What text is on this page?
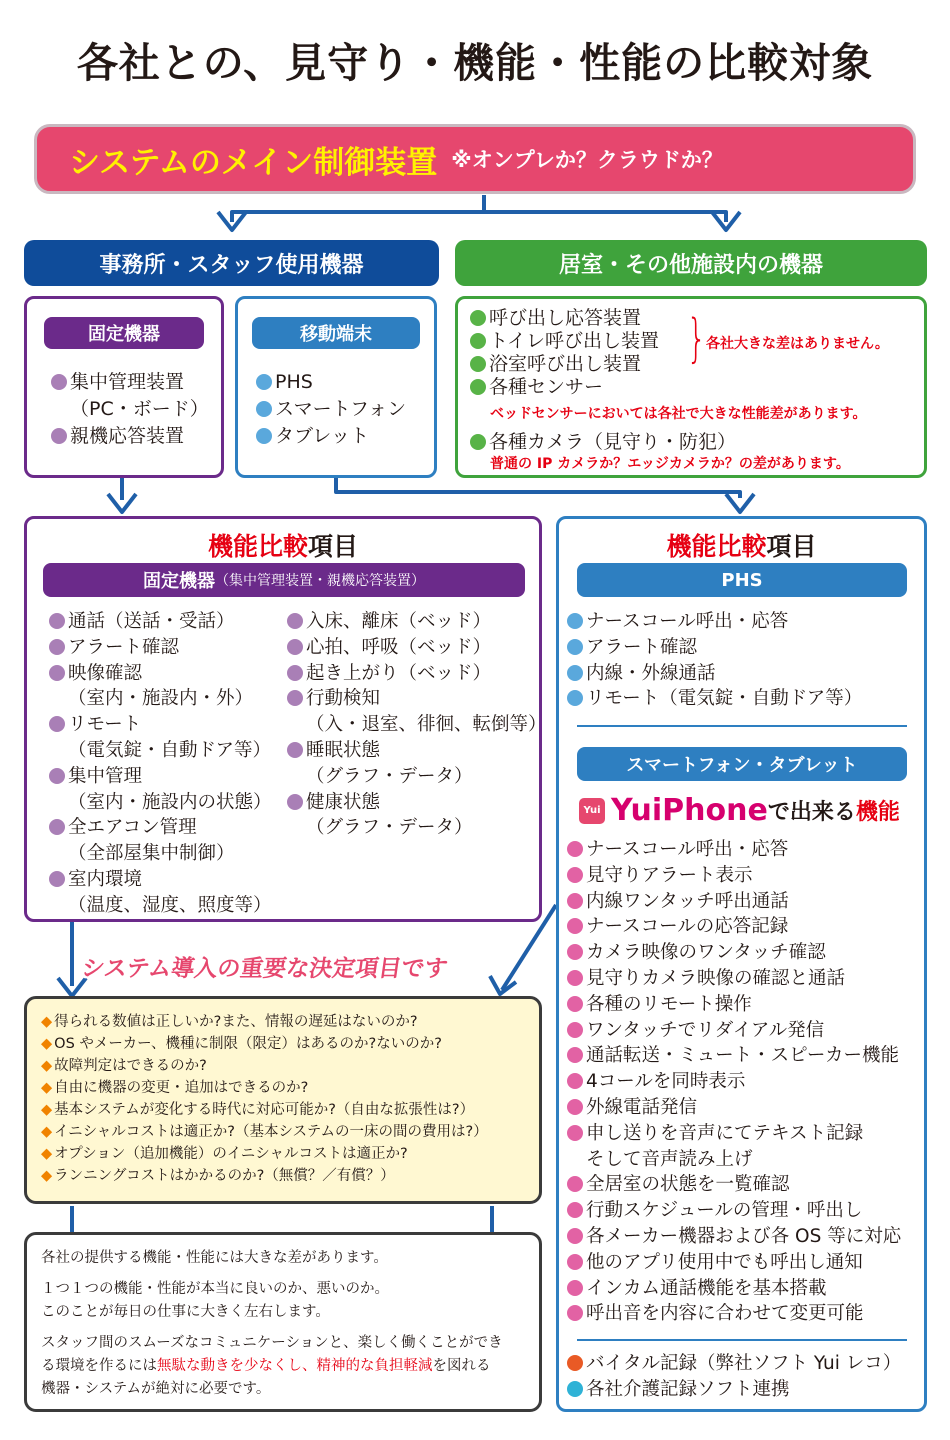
各社との、見守り・機能・性能の比較対象
システムのメイン制御装置 ※オンプレか？クラウドか？
事務所・スタッフ使用機器	居室・その他施設内の機器
固定機器
集中管理装置
（PC・ボード）
親機応答装置
移動端末
PHS
スマートフォン
タブレット
呼び出し応答装置
トイレ呼び出し装置
浴室呼び出し装置
各種センサー
} 各社大きな差はありません。
ベッドセンサーにおいては各社で大きな性能差があります。
各種カメラ（見守り・防犯）
普通の IP カメラか？エッジカメラか？の差があります。
機能比較項目
固定機器 （集中管理装置・親機応答装置）
通話（送話・受話）
アラート確認
映像確認
（室内・施設内・外）
リモート
（電気錠・自動ドア等）
集中管理
（室内・施設内の状態）
全エアコン管理
（全部屋集中制御）
室内環境
（温度、湿度、照度等）
入床、離床（ベッド）
心拍、呼吸（ベッド）
起き上がり（ベッド）
行動検知
（入・退室、徘徊、転倒等）
睡眠状態
（グラフ・データ）
健康状態
（グラフ・データ）
システム導入の重要な決定項目です
◆ 得られる数値は正しいか?また、情報の遅延はないのか?
◆ OS やメーカー、機種に制限（限定）はあるのか?ないのか?
◆ 故障判定はできるのか?
◆ 自由に機器の変更・追加はできるのか?
◆ 基本システムが変化する時代に対応可能か?（自由な拡張性は?）
◆ イニシャルコストは適正か?（基本システムの一床の間の費用は?）
◆ オプション（追加機能）のイニシャルコストは適正か?
◆ ランニングコストはかかるのか?（無償？／有償？）

各社の提供する機能・性能には大きな差があります。

１つ１つの機能・性能が本当に良いのか、悪いのか。

このことが毎日の仕事に大きく左右します。

スタッフ間のスムーズなコミュニケーションと、楽しく働くことができ

る環境を作るには無駄な動きを少なくし、精神的な負担軽減を図れる

機器・システムが絶対に必要です。

機能比較項目
PHS
ナースコール呼出・応答
アラート確認
内線・外線通話
リモート（電気錠・自動ドア等）
スマートフォン・タブレット
Yui YuiPhone で出来る 機能
ナースコール呼出・応答
見守りアラート表示
内線ワンタッチ呼出通話
ナースコールの応答記録
カメラ映像のワンタッチ確認
見守りカメラ映像の確認と通話
各種のリモート操作
ワンタッチでリダイアル発信
通話転送・ミュート・スピーカー機能
4コールを同時表示
外線電話発信
申し送りを音声にてテキスト記録
そして音声読み上げ
全居室の状態を一覧確認
行動スケジュールの管理・呼出し
各メーカー機器および各 OS 等に対応
他のアプリ使用中でも呼出し通知
インカム通話機能を基本搭載
呼出音を内容に合わせて変更可能
バイタル記録（弊社ソフト Yui レコ）
各社介護記録ソフト連携
